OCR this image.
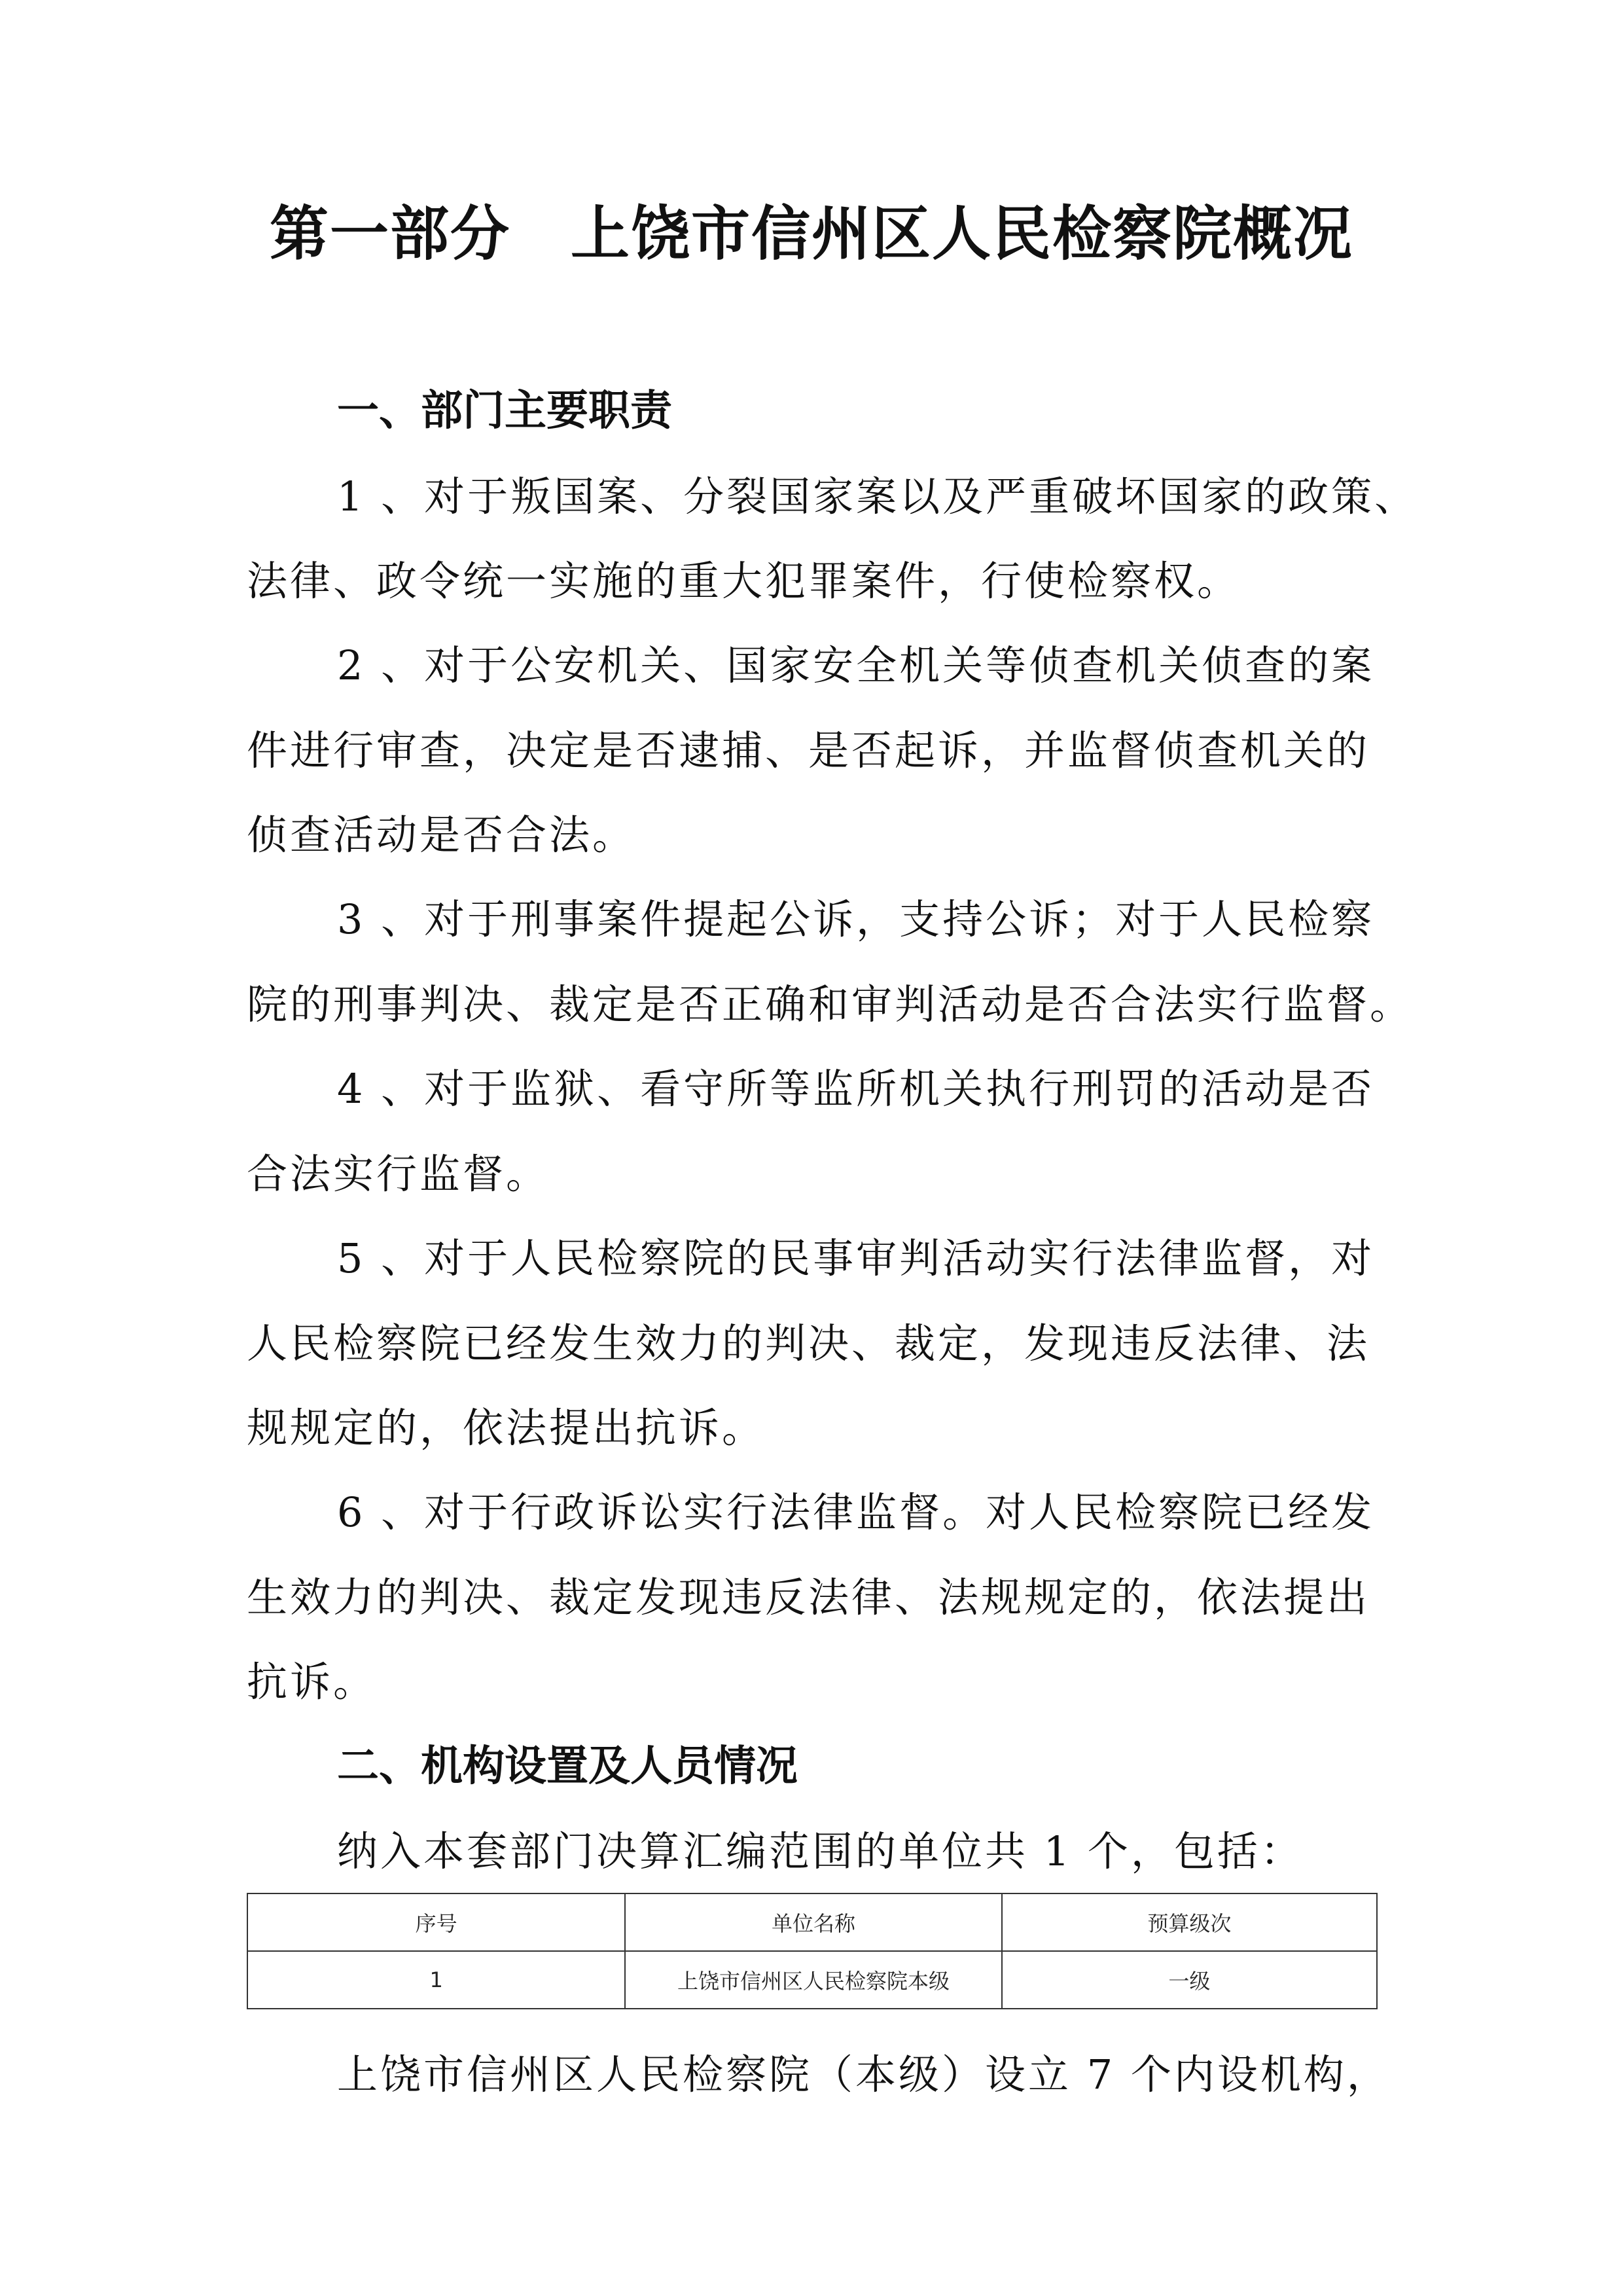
第一部分　上饶市信州区人民检察院概况
一、部门主要职责
1 、对于叛国案、分裂国家案以及严重破坏国家的政策、
法律、政令统一实施的重大犯罪案件，行使检察权。
2 、对于公安机关、国家安全机关等侦查机关侦查的案
件进行审查，决定是否逮捕、是否起诉，并监督侦查机关的
侦查活动是否合法。
3 、对于刑事案件提起公诉，支持公诉；对于人民检察
院的刑事判决、裁定是否正确和审判活动是否合法实行监督。
4 、对于监狱、看守所等监所机关执行刑罚的活动是否
合法实行监督。
5 、对于人民检察院的民事审判活动实行法律监督，对
人民检察院已经发生效力的判决、裁定，发现违反法律、法
规规定的，依法提出抗诉。
6 、对于行政诉讼实行法律监督。对人民检察院已经发
生效力的判决、裁定发现违反法律、法规规定的，依法提出
抗诉。
二、机构设置及人员情况
纳入本套部门决算汇编范围的单位共 1 个，包括：
序号	单位名称	预算级次
1	上饶市信州区人民检察院本级	一级
上饶市信州区人民检察院（本级）设立 7 个内设机构，
